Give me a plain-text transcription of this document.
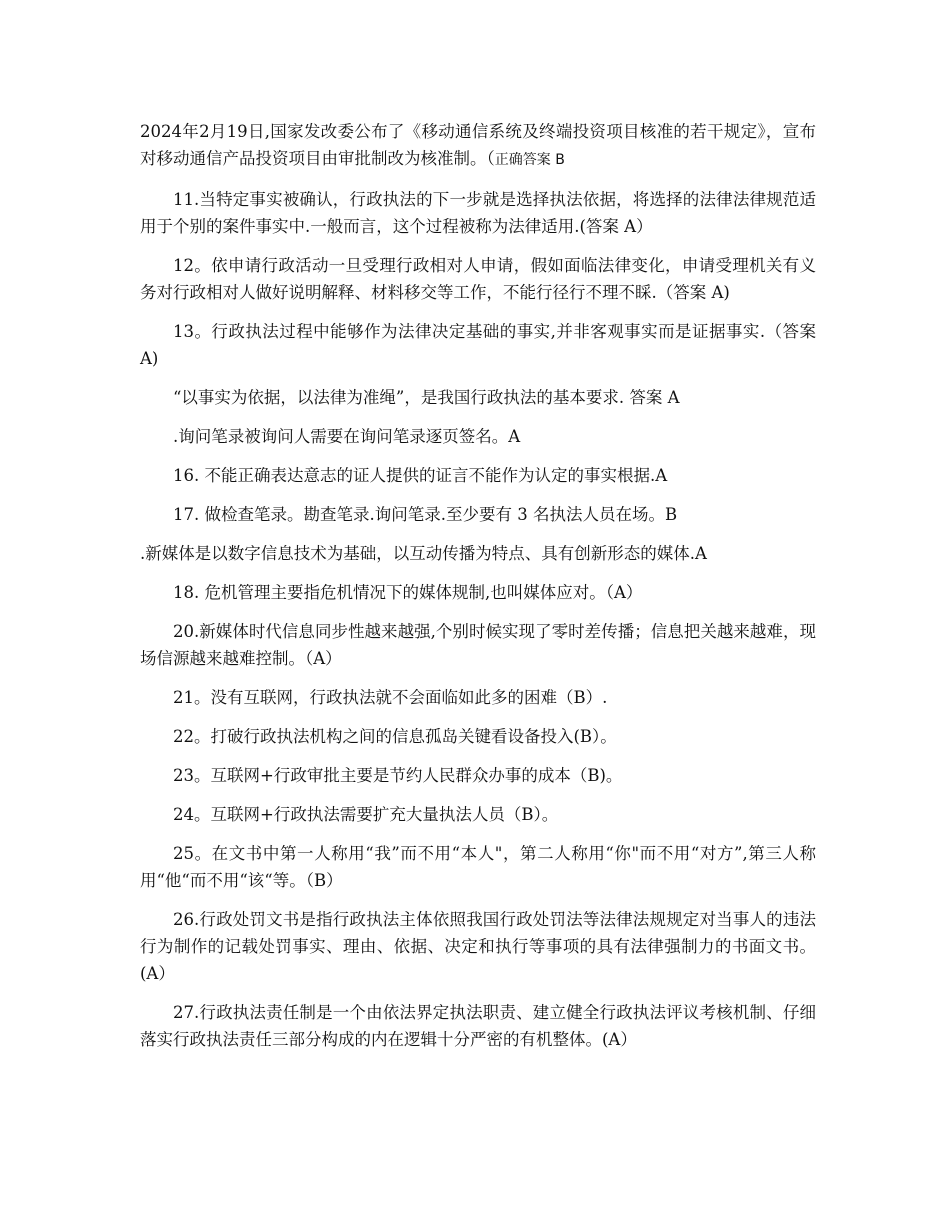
2024年2月19日,国家发改委公布了《移动通信系统及终端投资项目核准的若干规定》，宣布对移动通信产品投资项目由审批制改为核准制。（正确答案 B

11.当特定事实被确认，行政执法的下一步就是选择执法依据，将选择的法律法律规范适用于个别的案件事实中.一般而言，这个过程被称为法律适用.(答案 A）

12。依申请行政活动一旦受理行政相对人申请，假如面临法律变化，申请受理机关有义务对行政相对人做好说明解释、材料移交等工作，不能行径行不理不睬.（答案 A)

13。行政执法过程中能够作为法律决定基础的事实,并非客观事实而是证据事实.（答案 A)

“以事实为依据，以法律为准绳”，是我国行政执法的基本要求. 答案 A

.询问笔录被询问人需要在询问笔录逐页签名。A

16. 不能正确表达意志的证人提供的证言不能作为认定的事实根据.A

17. 做检查笔录。勘查笔录.询问笔录.至少要有 3 名执法人员在场。B

.新媒体是以数字信息技术为基础，以互动传播为特点、具有创新形态的媒体.A

18. 危机管理主要指危机情况下的媒体规制,也叫媒体应对。（A）

20.新媒体时代信息同步性越来越强,个别时候实现了零时差传播；信息把关越来越难，现场信源越来越难控制。（A）

21。没有互联网，行政执法就不会面临如此多的困难（B）.

22。打破行政执法机构之间的信息孤岛关键看设备投入(B）。

23。互联网+行政审批主要是节约人民群众办事的成本（B)。

24。互联网+行政执法需要扩充大量执法人员（B）。

25。在文书中第一人称用“我”而不用“本人"，第二人称用“你"而不用“对方”,第三人称用“他“而不用“该“等。（B）

26.行政处罚文书是指行政执法主体依照我国行政处罚法等法律法规规定对当事人的违法行为制作的记载处罚事实、理由、依据、决定和执行等事项的具有法律强制力的书面文书。(A）

27.行政执法责任制是一个由依法界定执法职责、建立健全行政执法评议考核机制、仔细落实行政执法责任三部分构成的内在逻辑十分严密的有机整体。(A）
